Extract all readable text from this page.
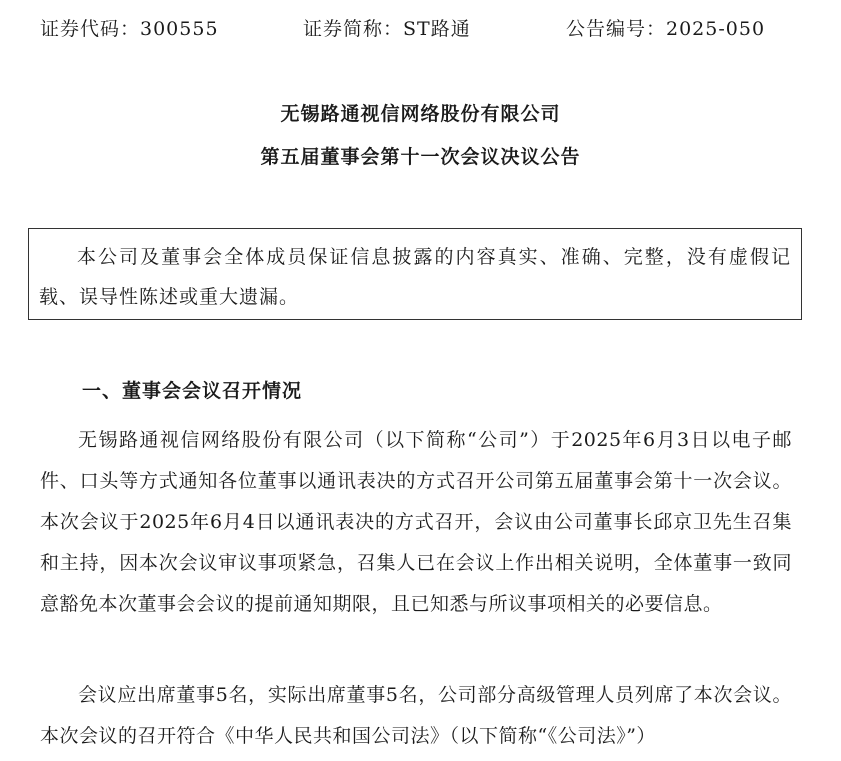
证券代码：300555	证券简称：ST路通	公告编号：2025-050
无锡路通视信网络股份有限公司
第五届董事会第十一次会议决议公告
本公司及董事会全体成员保证信息披露的内容真实、准确、完整，没有虚假记载、误导性陈述或重大遗漏。
一、董事会会议召开情况

无锡路通视信网络股份有限公司（以下简称“公司”）于2025年6月3日以电子邮件、口头等方式通知各位董事以通讯表决的方式召开公司第五届董事会第十一次会议。本次会议于2025年6月4日以通讯表决的方式召开，会议由公司董事长邱京卫先生召集和主持，因本次会议审议事项紧急，召集人已在会议上作出相关说明，全体董事一致同意豁免本次董事会会议的提前通知期限，且已知悉与所议事项相关的必要信息。

会议应出席董事5名，实际出席董事5名，公司部分高级管理人员列席了本次会议。本次会议的召开符合《中华人民共和国公司法》（以下简称“《公司法》”）
